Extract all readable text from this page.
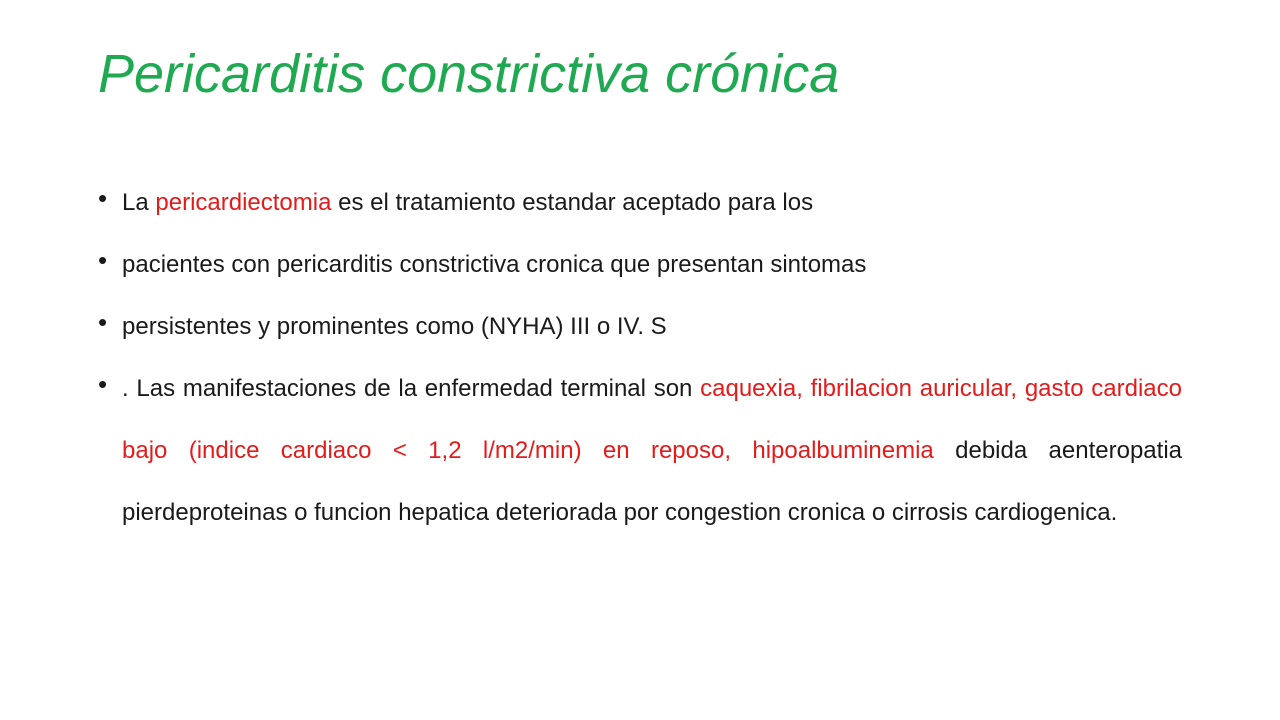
Pericarditis constrictiva crónica
• La pericardiectomia es el tratamiento estandar aceptado para los
• pacientes con pericarditis constrictiva cronica que presentan sintomas
• persistentes y prominentes como (NYHA) III o IV. S
• . Las manifestaciones de la enfermedad terminal son caquexia, fibrilacion auricular, gasto cardiaco bajo (indice cardiaco < 1,2 l/m2/min) en reposo, hipoalbuminemia debida aenteropatia pierdeproteinas o funcion hepatica deteriorada por congestion cronica o cirrosis cardiogenica.
